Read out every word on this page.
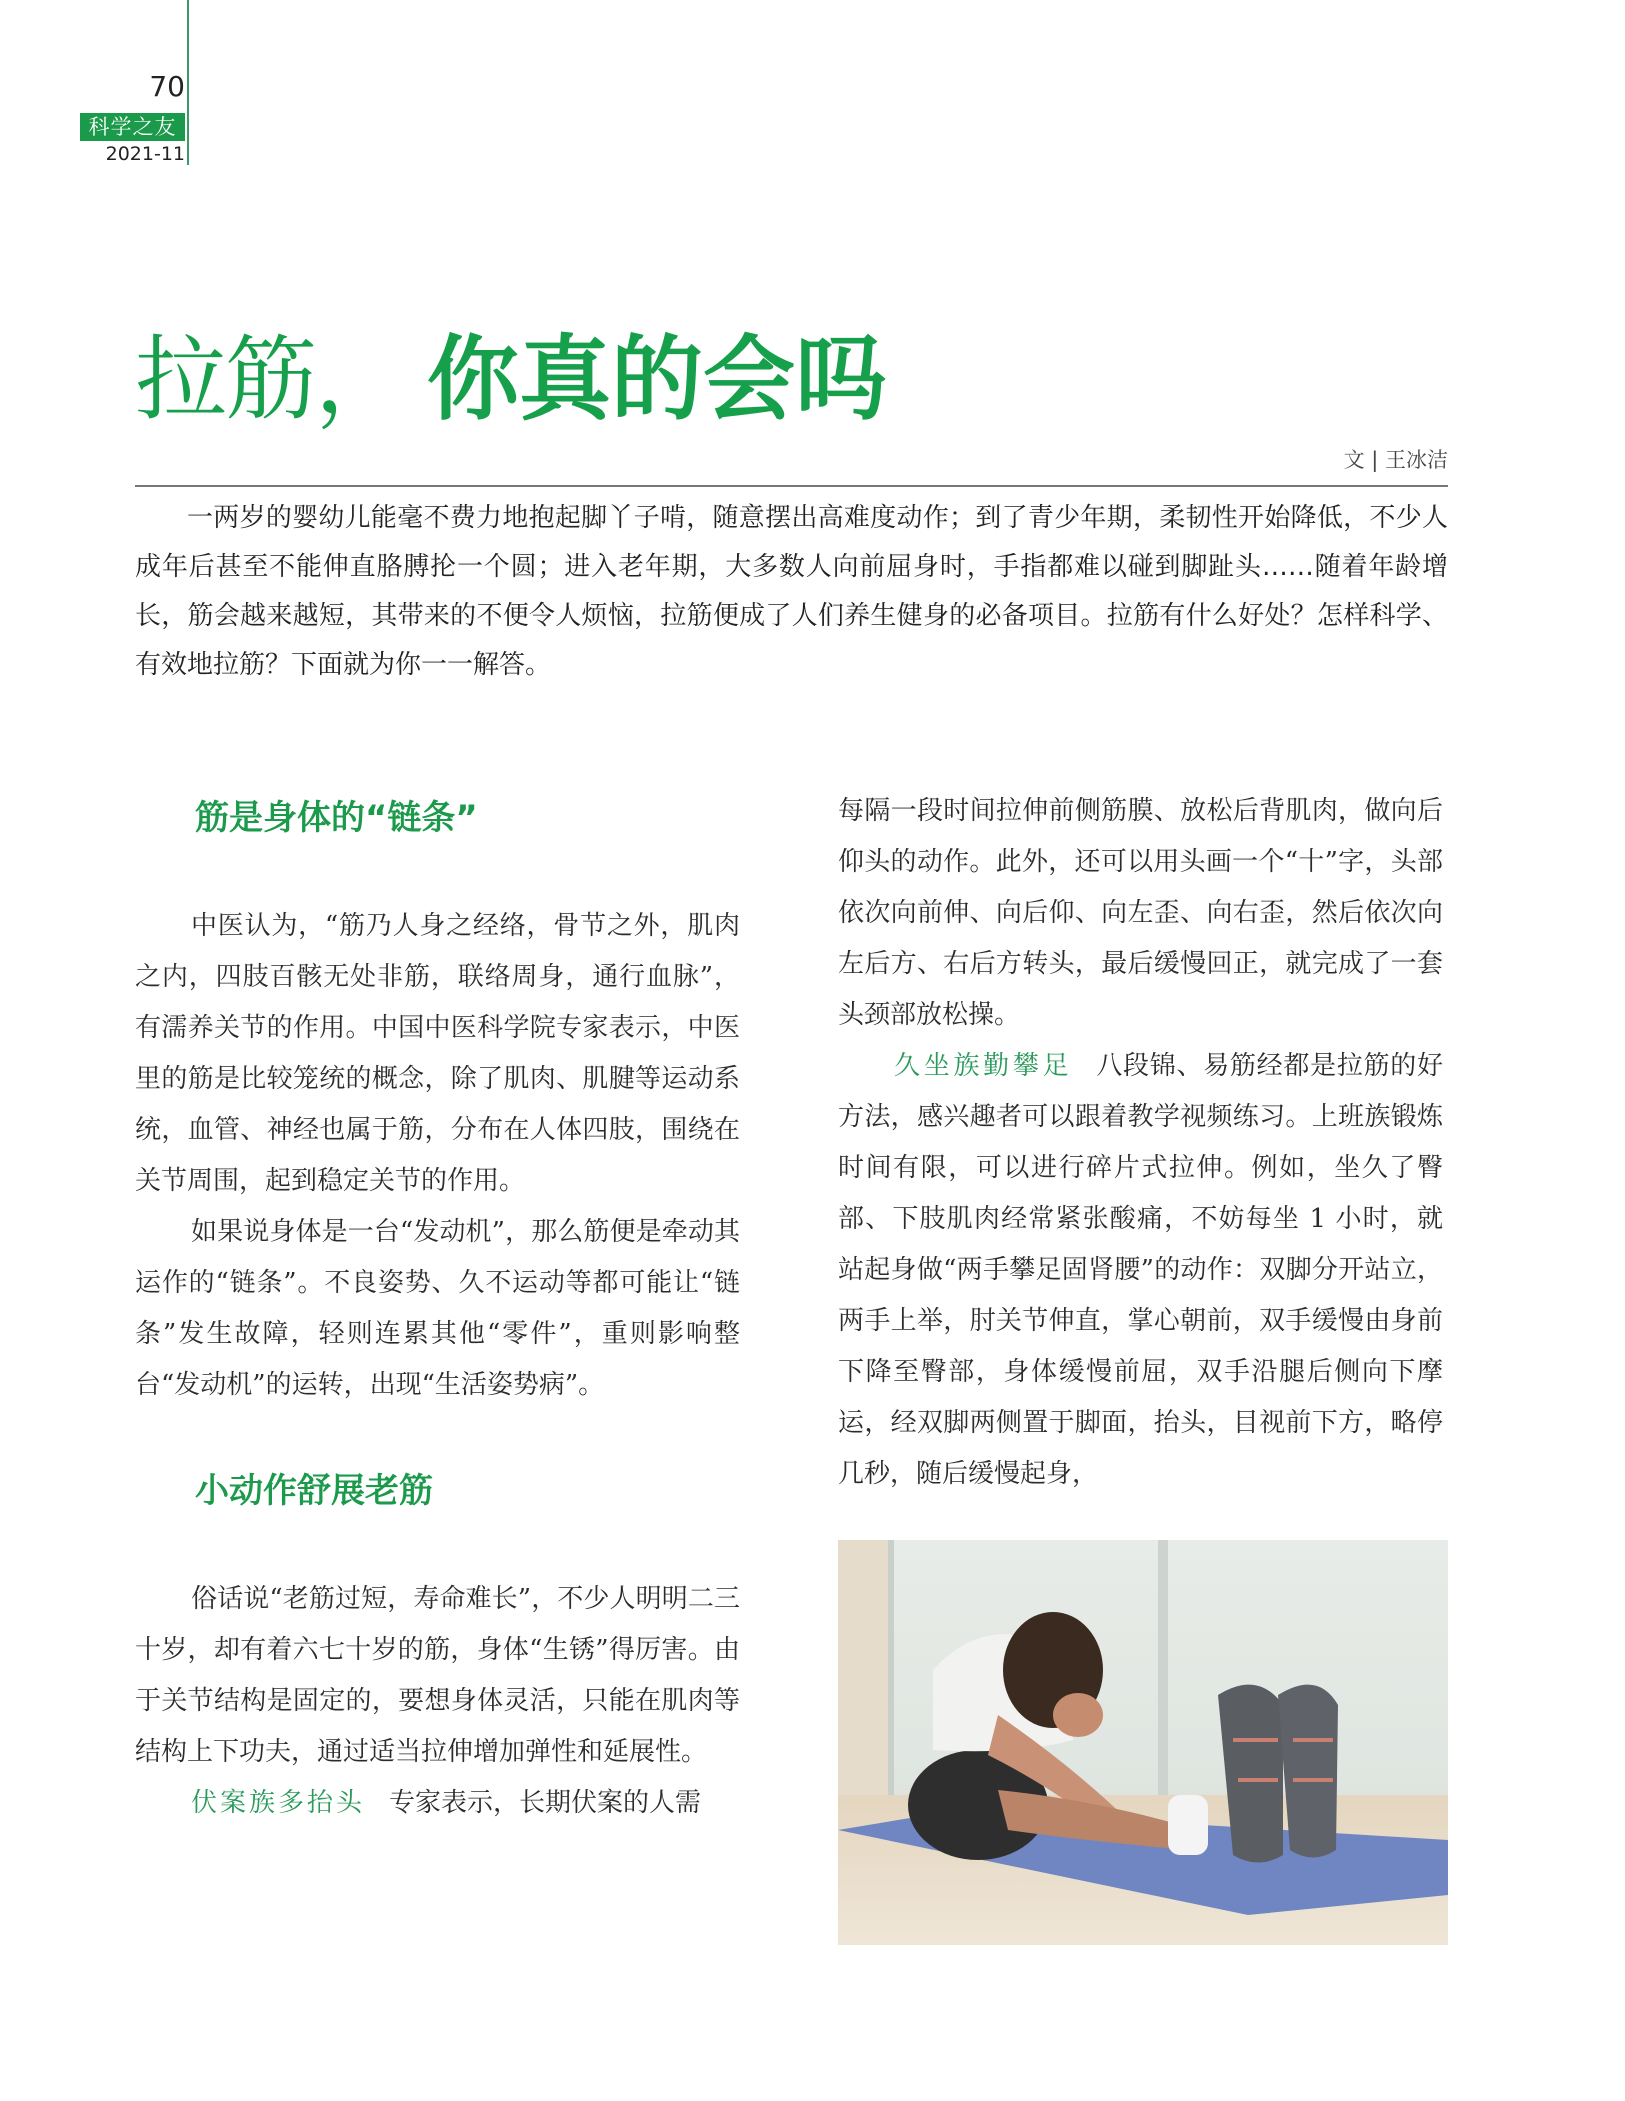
70
科学之友
2021-11
拉筋， 你真的会吗
文 | 王冰洁

一两岁的婴幼儿能毫不费力地抱起脚丫子啃，随意摆出高难度动作；到了青少年期，柔韧性开始降低，不少人成年后甚至不能伸直胳膊抡一个圆；进入老年期，大多数人向前屈身时，手指都难以碰到脚趾头……随着年龄增长，筋会越来越短，其带来的不便令人烦恼，拉筋便成了人们养生健身的必备项目。拉筋有什么好处？怎样科学、有效地拉筋？下面就为你一一解答。

筋是身体的“链条”

中医认为，“筋乃人身之经络，骨节之外，肌肉之内，四肢百骸无处非筋，联络周身，通行血脉”，有濡养关节的作用。中国中医科学院专家表示，中医里的筋是比较笼统的概念，除了肌肉、肌腱等运动系统，血管、神经也属于筋，分布在人体四肢，围绕在关节周围，起到稳定关节的作用。

如果说身体是一台“发动机”，那么筋便是牵动其运作的“链条”。不良姿势、久不运动等都可能让“链条”发生故障，轻则连累其他“零件”，重则影响整台“发动机”的运转，出现“生活姿势病”。

小动作舒展老筋

俗话说“老筋过短，寿命难长”，不少人明明二三十岁，却有着六七十岁的筋，身体“生锈”得厉害。由于关节结构是固定的，要想身体灵活，只能在肌肉等结构上下功夫，通过适当拉伸增加弹性和延展性。

伏案族多抬头 专家表示，长期伏案的人需

每隔一段时间拉伸前侧筋膜、放松后背肌肉，做向后仰头的动作。此外，还可以用头画一个“十”字，头部依次向前伸、向后仰、向左歪、向右歪，然后依次向左后方、右后方转头，最后缓慢回正，就完成了一套头颈部放松操。

久坐族勤攀足 八段锦、易筋经都是拉筋的好方法，感兴趣者可以跟着教学视频练习。上班族锻炼时间有限，可以进行碎片式拉伸。例如，坐久了臀部、下肢肌肉经常紧张酸痛，不妨每坐 1 小时，就站起身做“两手攀足固肾腰”的动作：双脚分开站立，两手上举，肘关节伸直，掌心朝前，双手缓慢由身前下降至臀部，身体缓慢前屈，双手沿腿后侧向下摩运，经双脚两侧置于脚面，抬头，目视前下方，略停几秒，随后缓慢起身，
